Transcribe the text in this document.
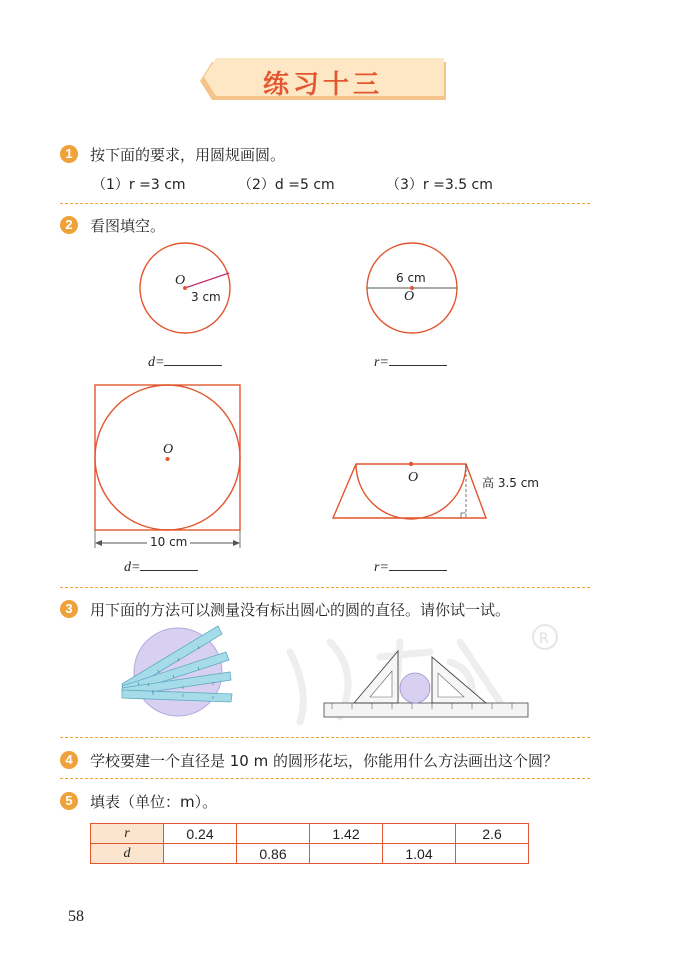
练习十三
1	按下面的要求，用圆规画圆。
（1）r =3 cm	（2）d =5 cm	（3）r =3.5 cm
2	看图填空。
O
3 cm
d=
6 cm
O
r=
O
10 cm
d=
O	高 3.5 cm
r=
3	用下面的方法可以测量没有标出圆心的圆的直径。请你试一试。
R
4	学校要建一个直径是 10 m 的圆形花坛，你能用什么方法画出这个圆？
5	填表（单位：m）。
r	0.24		1.42		2.6
d		0.86		1.04	
58
